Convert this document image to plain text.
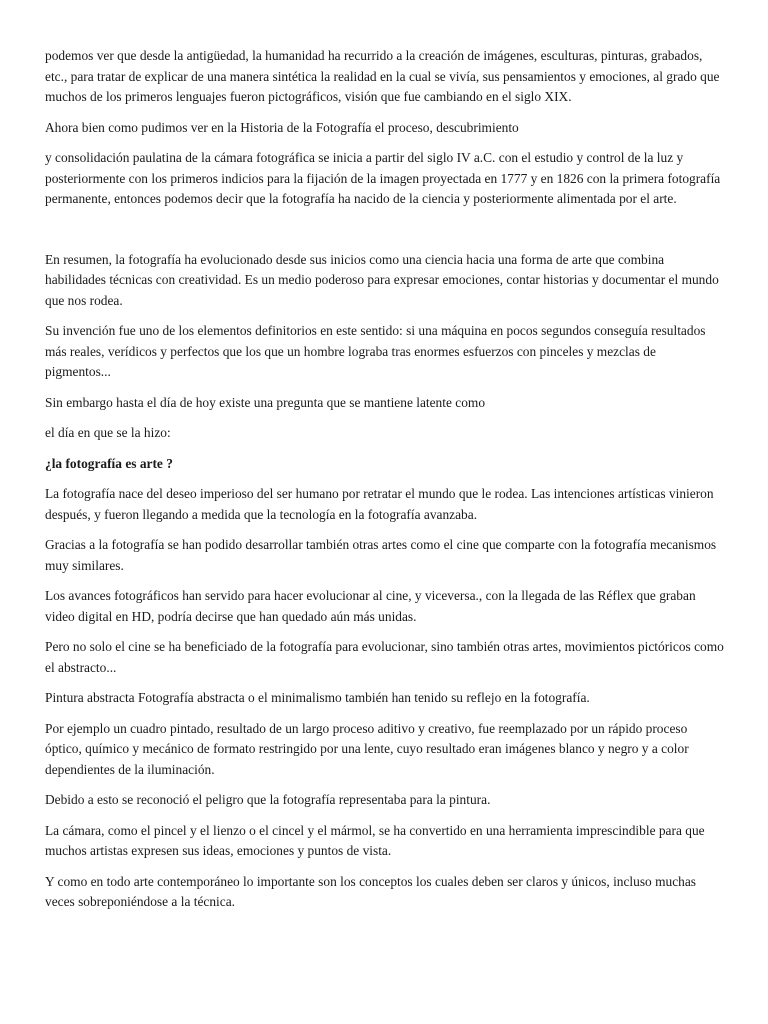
podemos ver que desde la antigüedad, la humanidad ha recurrido a la creación de imágenes, esculturas, pinturas, grabados, etc., para tratar de explicar de una manera sintética la realidad en la cual se vivía, sus pensamientos y emociones, al grado que muchos de los primeros lenguajes fueron pictográficos, visión que fue cambiando en el siglo XIX.

Ahora bien como pudimos ver en la Historia de la Fotografía el proceso, descubrimiento

y consolidación paulatina de la cámara fotográfica se inicia a partir del siglo IV a.C. con el estudio y control de la luz y posteriormente con los primeros indicios para la fijación de la imagen proyectada en 1777 y en 1826 con la primera fotografía permanente, entonces podemos decir que la fotografía ha nacido de la ciencia y posteriormente alimentada por el arte.

En resumen, la fotografía ha evolucionado desde sus inicios como una ciencia hacia una forma de arte que combina habilidades técnicas con creatividad. Es un medio poderoso para expresar emociones, contar historias y documentar el mundo que nos rodea.

Su invención fue uno de los elementos definitorios en este sentido: si una máquina en pocos segundos conseguía resultados más reales, verídicos y perfectos que los que un hombre lograba tras enormes esfuerzos con pinceles y mezclas de pigmentos...

Sin embargo hasta el día de hoy existe una pregunta que se mantiene latente como

el día en que se la hizo:

¿la fotografía es arte ?

La fotografía nace del deseo imperioso del ser humano por retratar el mundo que le rodea. Las intenciones artísticas vinieron después, y fueron llegando a medida que la tecnología en la fotografía avanzaba.

Gracias a la fotografía se han podido desarrollar también otras artes como el cine que comparte con la fotografía mecanismos muy similares.

Los avances fotográficos han servido para hacer evolucionar al cine, y viceversa., con la llegada de las Réflex que graban video digital en HD, podría decirse que han quedado aún más unidas.

Pero no solo el cine se ha beneficiado de la fotografía para evolucionar, sino también otras artes, movimientos pictóricos como el abstracto...

Pintura abstracta Fotografía abstracta o el minimalismo también han tenido su reflejo en la fotografía.

Por ejemplo un cuadro pintado, resultado de un largo proceso aditivo y creativo, fue reemplazado por un rápido proceso óptico, químico y mecánico de formato restringido por una lente, cuyo resultado eran imágenes blanco y negro y a color dependientes de la iluminación.

Debido a esto se reconoció el peligro que la fotografía representaba para la pintura.

La cámara, como el pincel y el lienzo o el cincel y el mármol, se ha convertido en una herramienta imprescindible para que muchos artistas expresen sus ideas, emociones y puntos de vista.

Y como en todo arte contemporáneo lo importante son los conceptos los cuales deben ser claros y únicos, incluso muchas veces sobreponiéndose a la técnica.
